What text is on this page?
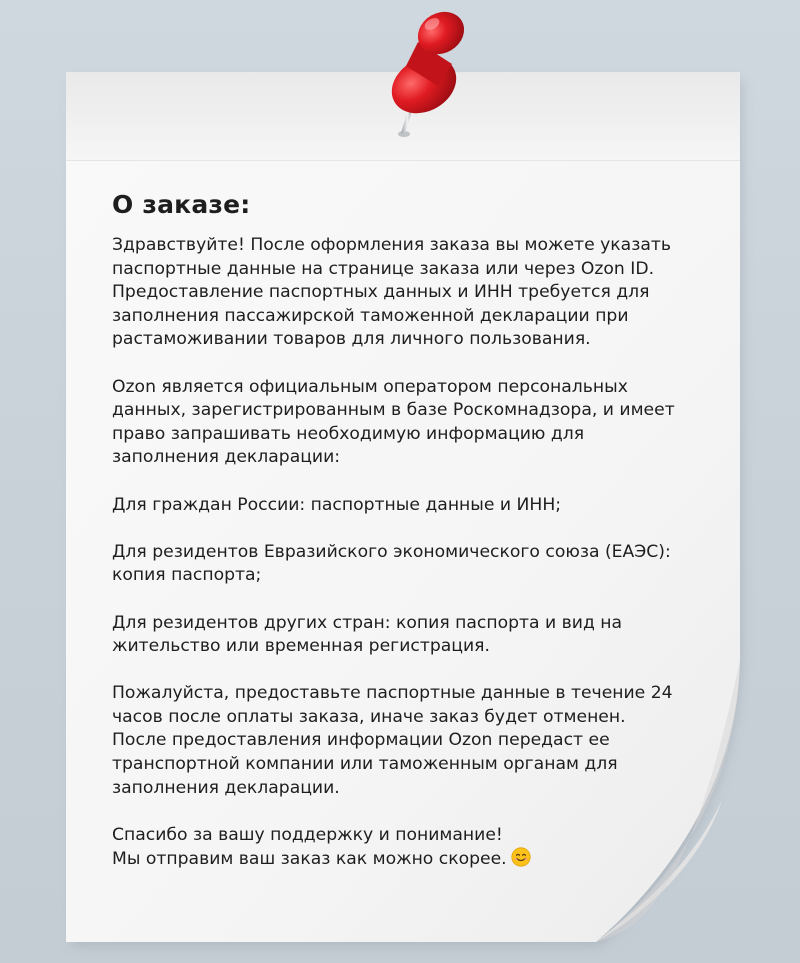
О заказе:
Здравствуйте! После оформления заказа вы можете указать
паспортные данные на странице заказа или через Ozon ID.
Предоставление паспортных данных и ИНН требуется для
заполнения пассажирской таможенной декларации при
растаможивании товаров для личного пользования.
Ozon является официальным оператором персональных
данных, зарегистрированным в базе Роскомнадзора, и имеет
право запрашивать необходимую информацию для
заполнения декларации:
Для граждан России: паспортные данные и ИНН;
Для резидентов Евразийского экономического союза (ЕАЭС):
копия паспорта;
Для резидентов других стран: копия паспорта и вид на
жительство или временная регистрация.
Пожалуйста, предоставьте паспортные данные в течение 24
часов после оплаты заказа, иначе заказ будет отменен.
После предоставления информации Ozon передаст ее
транспортной компании или таможенным органам для
заполнения декларации.
Спасибо за вашу поддержку и понимание!
Мы отправим ваш заказ как можно скорее.
